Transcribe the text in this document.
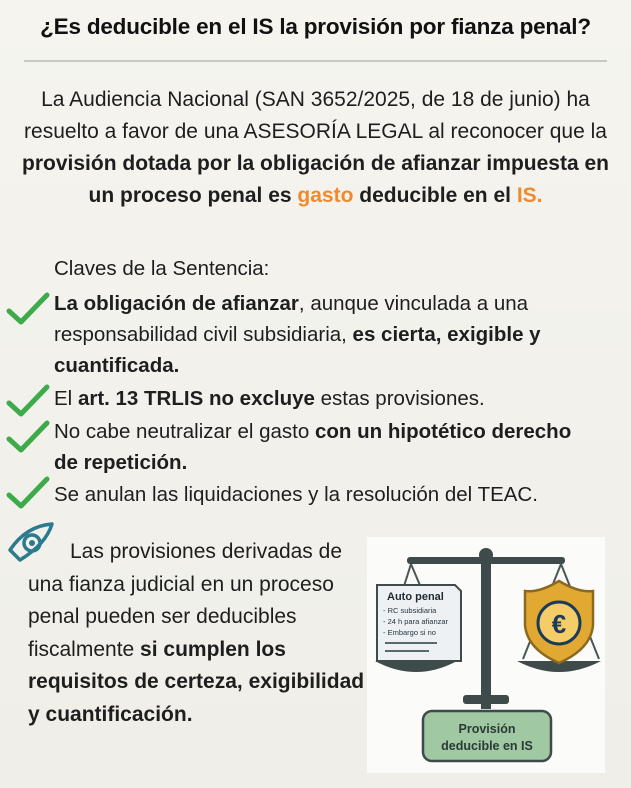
¿Es deducible en el IS la provisión por fianza penal?
La Audiencia Nacional (SAN 3652/2025, de 18 de junio) ha resuelto a favor de una ASESORÍA LEGAL al reconocer que la provisión dotada por la obligación de afianzar impuesta en un proceso penal es gasto deducible en el IS.
Claves de la Sentencia:
La obligación de afianzar, aunque vinculada a una responsabilidad civil subsidiaria, es cierta, exigible y cuantificada.
El art. 13 TRLIS no excluye estas provisiones.
No cabe neutralizar el gasto con un hipotético derecho de repetición.
Se anulan las liquidaciones y la resolución del TEAC.
Las provisiones derivadas de una fianza judicial en un proceso penal pueden ser deducibles fiscalmente si cumplen los requisitos de certeza, exigibilidad y cuantificación.
Auto penal
- RC subsidiaria
- 24 h para afianzar
- Embargo si no	€
Provisión
deducible en IS
